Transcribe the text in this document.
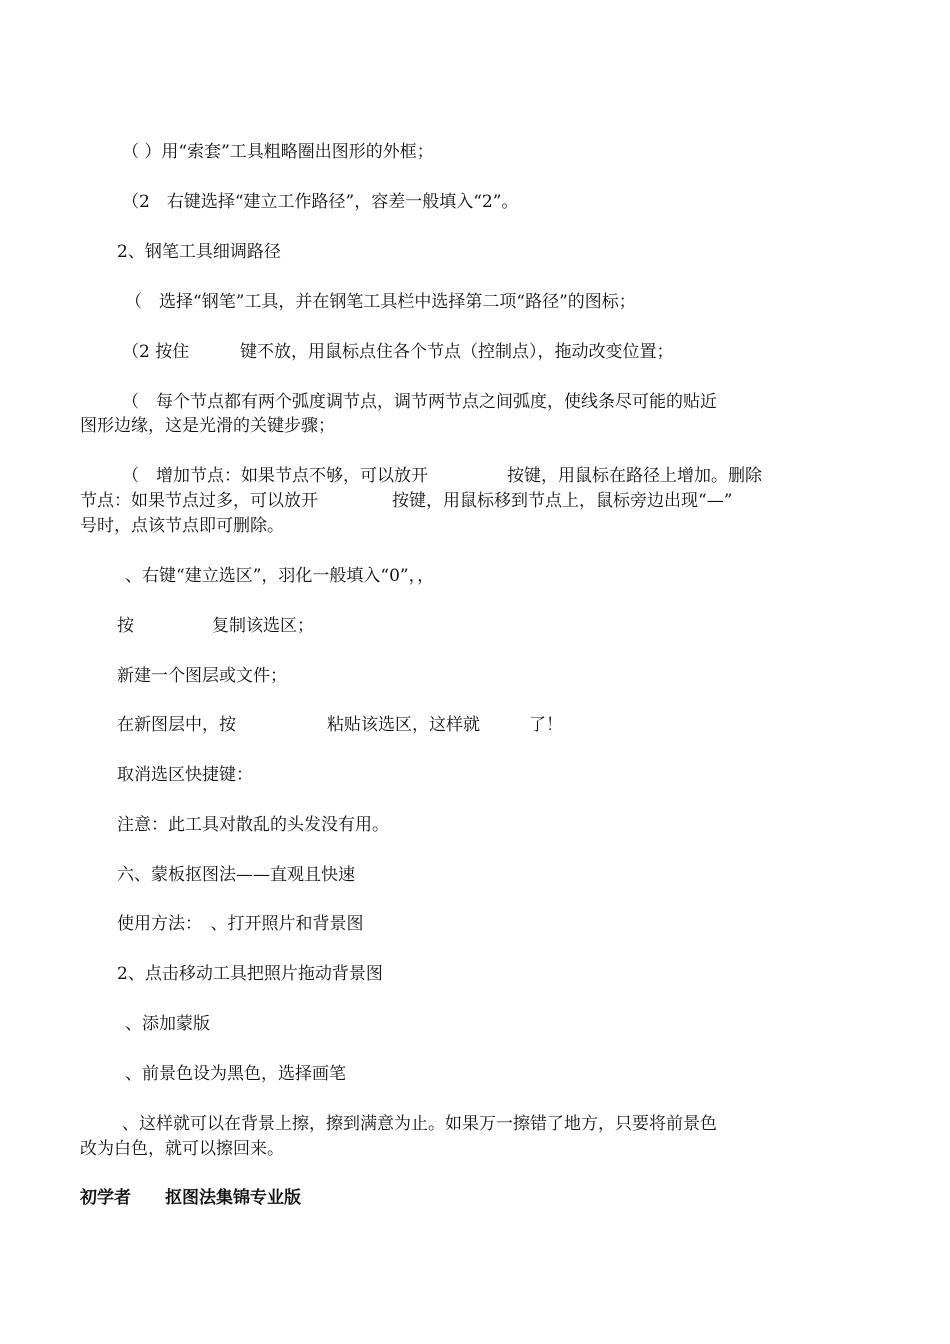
（ ）用“索套”工具粗略圈出图形的外框；
（2　右键选择“建立工作路径”，容差一般填入“2”。
2、钢笔工具细调路径
（　选择“钢笔”工具，并在钢笔工具栏中选择第二项“路径”的图标；
（2 按住	键不放，用鼠标点住各个节点（控制点），拖动改变位置；
（　每个节点都有两个弧度调节点，调节两节点之间弧度，使线条尽可能的贴近
图形边缘，这是光滑的关键步骤；
（　增加节点：如果节点不够，可以放开	按键，用鼠标在路径上增加。删除
节点：如果节点过多，可以放开	按键，用鼠标移到节点上，鼠标旁边出现“—”
号时，点该节点即可删除。
、右键“建立选区”，羽化一般填入“0”，，
按	复制该选区；
新建一个图层或文件；
在新图层中，按	粘贴该选区，这样就	了！
取消选区快捷键：
注意：此工具对散乱的头发没有用。
六、蒙板抠图法——直观且快速
使用方法：　、打开照片和背景图
2、点击移动工具把照片拖动背景图
、添加蒙版
、前景色设为黑色，选择画笔
、这样就可以在背景上擦，擦到满意为止。如果万一擦错了地方，只要将前景色
改为白色，就可以擦回来。
初学者 抠图法集锦专业版
